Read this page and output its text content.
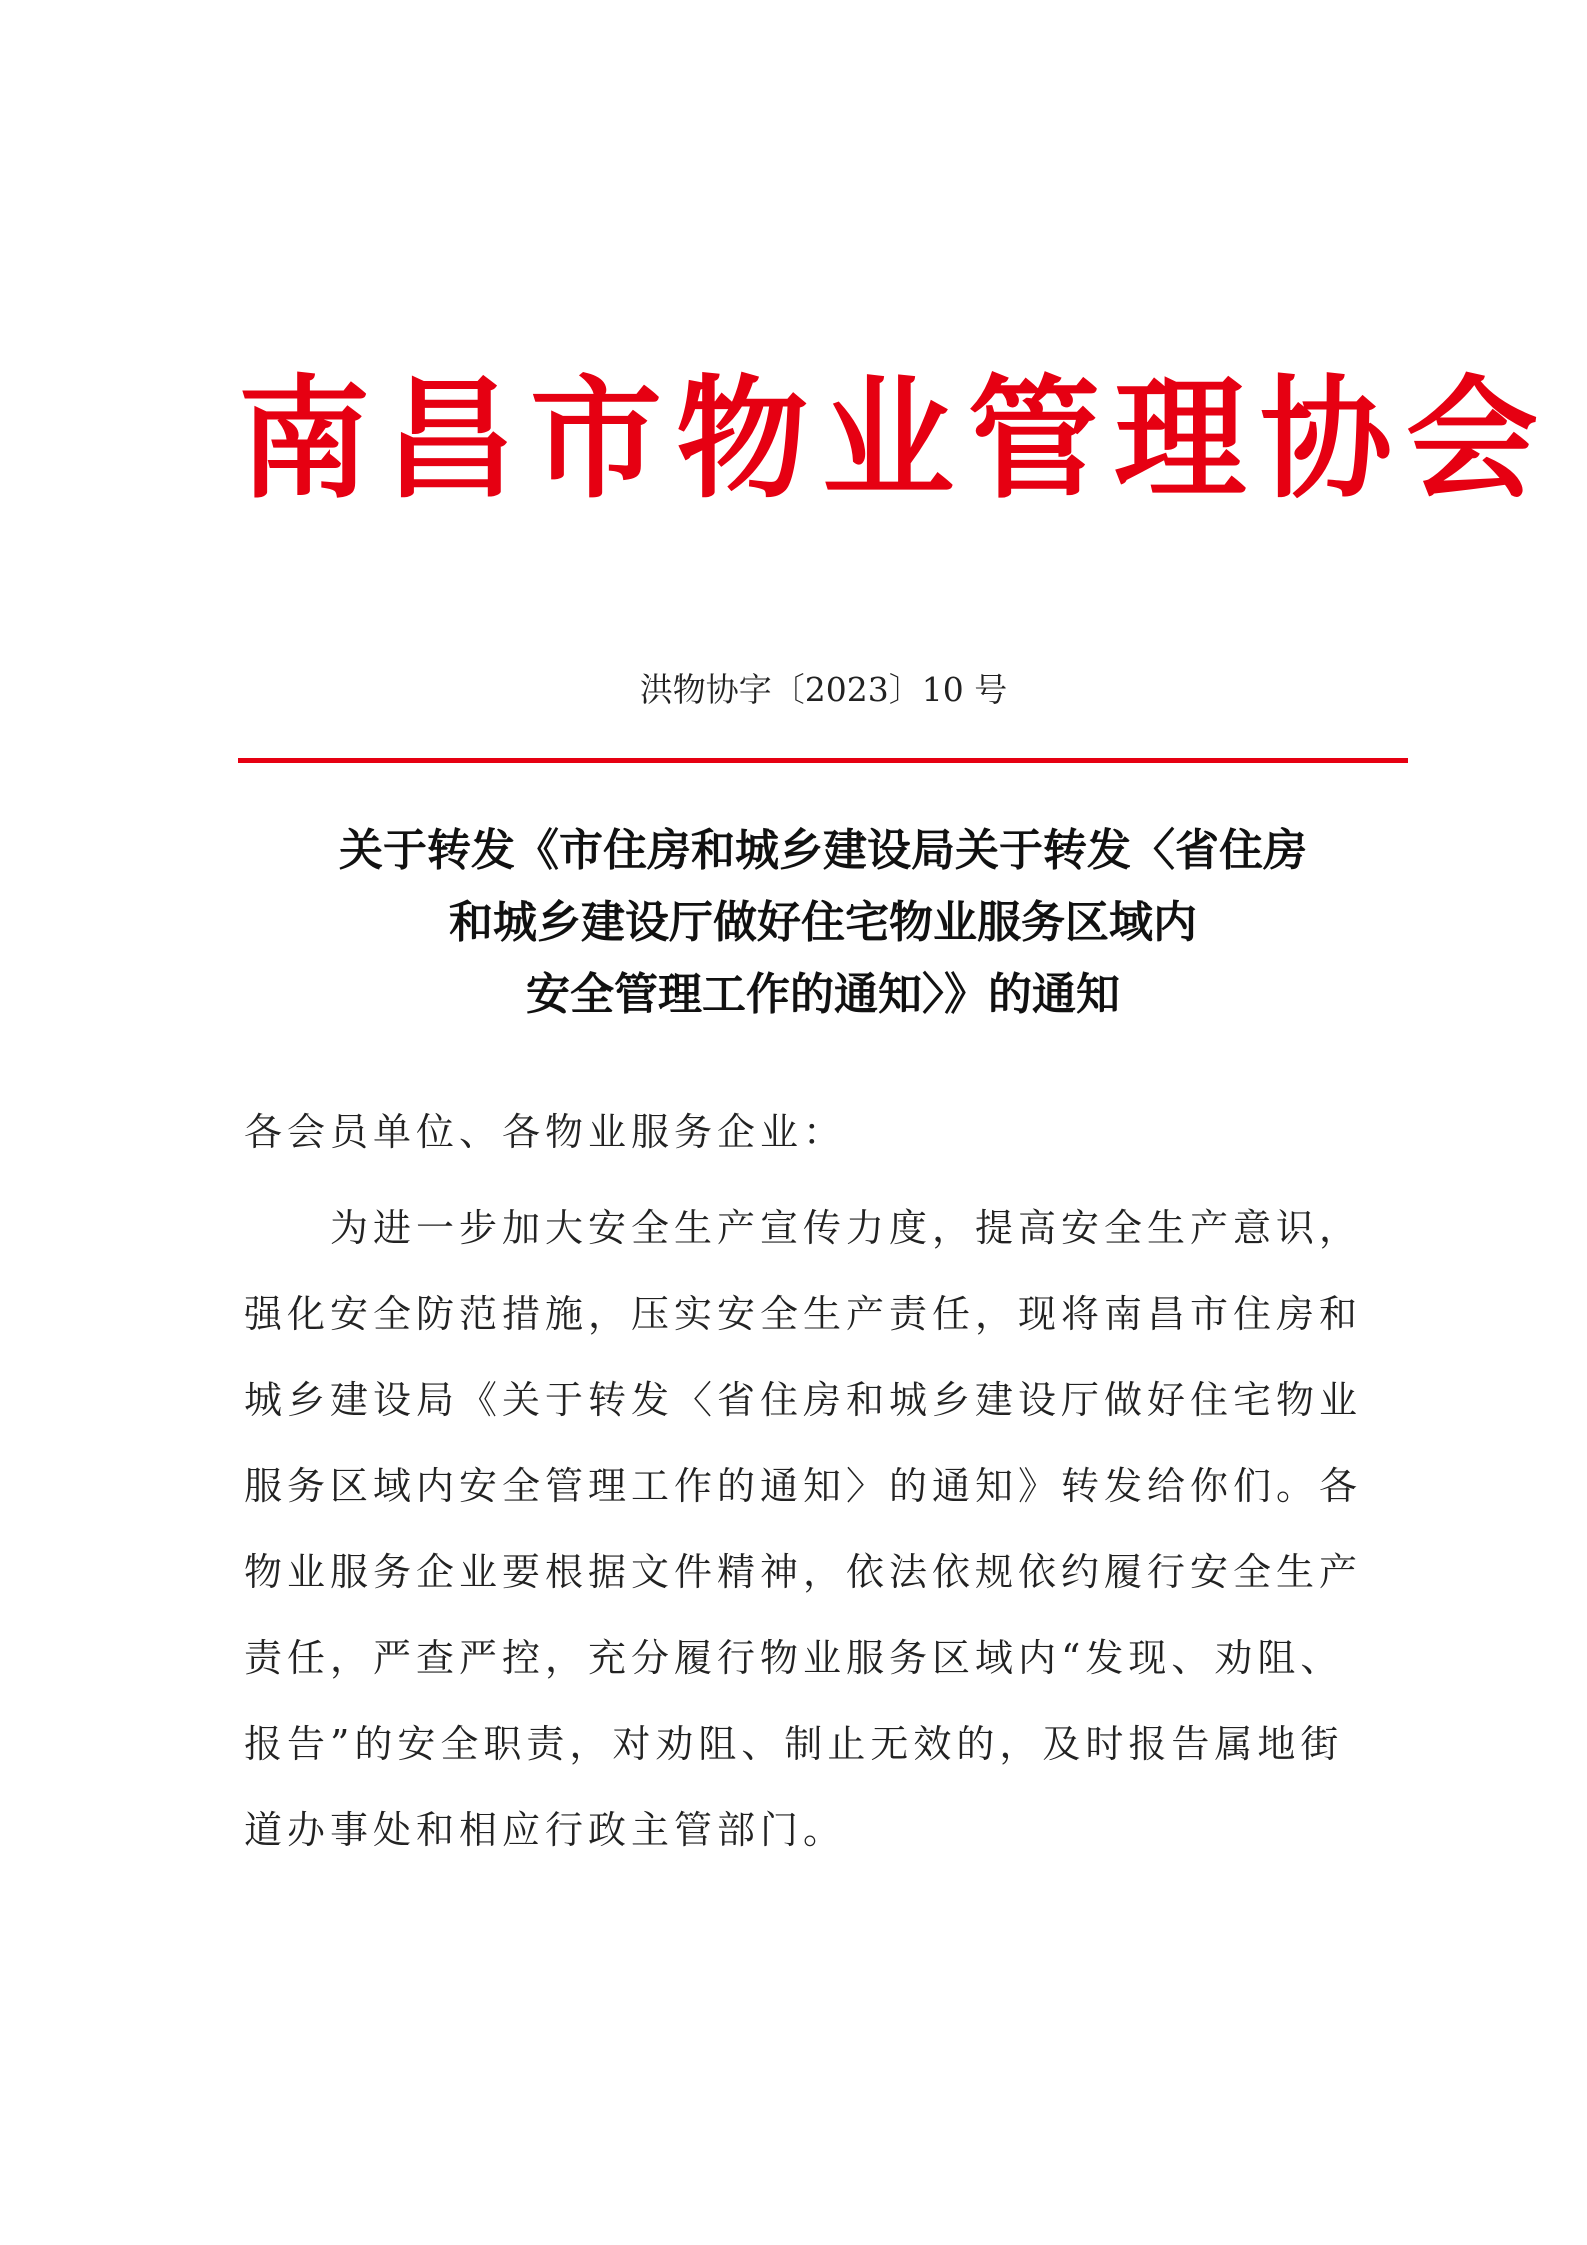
南昌市物业管理协会
洪物协字〔2023〕10 号
关于转发《市住房和城乡建设局关于转发〈省住房
和城乡建设厅做好住宅物业服务区域内
安全管理工作的通知〉》的通知

各会员单位、各物业服务企业：

为进一步加大安全生产宣传力度，提高安全生产意识，
强化安全防范措施，压实安全生产责任，现将南昌市住房和
城乡建设局《关于转发〈省住房和城乡建设厅做好住宅物业
服务区域内安全管理工作的通知〉的通知》转发给你们。各
物业服务企业要根据文件精神，依法依规依约履行安全生产
责任，严查严控，充分履行物业服务区域内“发现、劝阻、
报告”的安全职责，对劝阻、制止无效的，及时报告属地街
道办事处和相应行政主管部门。
